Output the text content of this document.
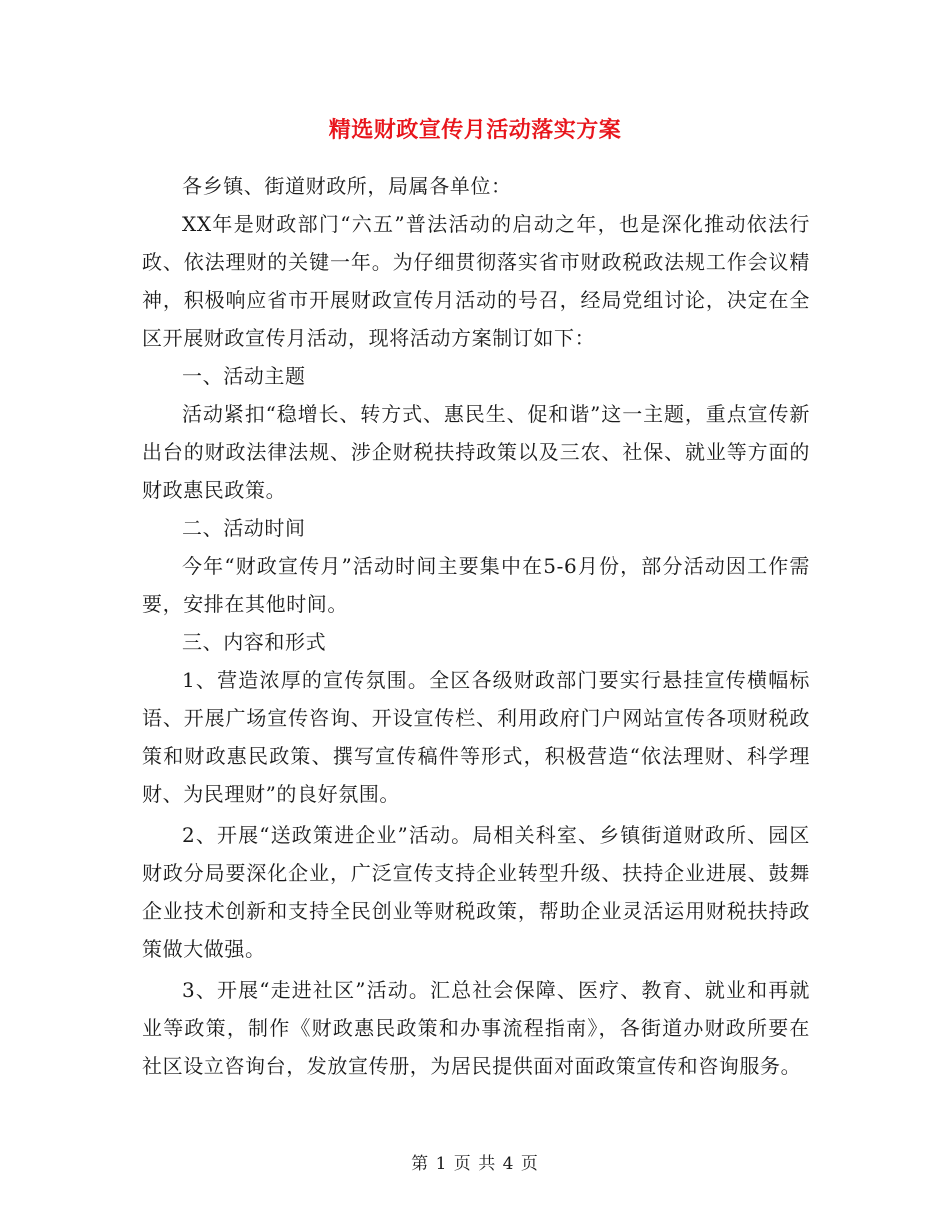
精选财政宣传月活动落实方案

各乡镇、街道财政所，局属各单位：

XX年是财政部门“六五”普法活动的启动之年，也是深化推动依法行政、依法理财的关键一年。为仔细贯彻落实省市财政税政法规工作会议精神，积极响应省市开展财政宣传月活动的号召，经局党组讨论，决定在全区开展财政宣传月活动，现将活动方案制订如下：

一、活动主题

活动紧扣“稳增长、转方式、惠民生、促和谐”这一主题，重点宣传新出台的财政法律法规、涉企财税扶持政策以及三农、社保、就业等方面的财政惠民政策。

二、活动时间

今年“财政宣传月”活动时间主要集中在5-6月份，部分活动因工作需要，安排在其他时间。

三、内容和形式

1、营造浓厚的宣传氛围。全区各级财政部门要实行悬挂宣传横幅标语、开展广场宣传咨询、开设宣传栏、利用政府门户网站宣传各项财税政策和财政惠民政策、撰写宣传稿件等形式，积极营造“依法理财、科学理财、为民理财”的良好氛围。

2、开展“送政策进企业”活动。局相关科室、乡镇街道财政所、园区财政分局要深化企业，广泛宣传支持企业转型升级、扶持企业进展、鼓舞企业技术创新和支持全民创业等财税政策，帮助企业灵活运用财税扶持政策做大做强。

3、开展“走进社区”活动。汇总社会保障、医疗、教育、就业和再就业等政策，制作《财政惠民政策和办事流程指南》，各街道办财政所要在社区设立咨询台，发放宣传册，为居民提供面对面政策宣传和咨询服务。

第 1 页 共 4 页
